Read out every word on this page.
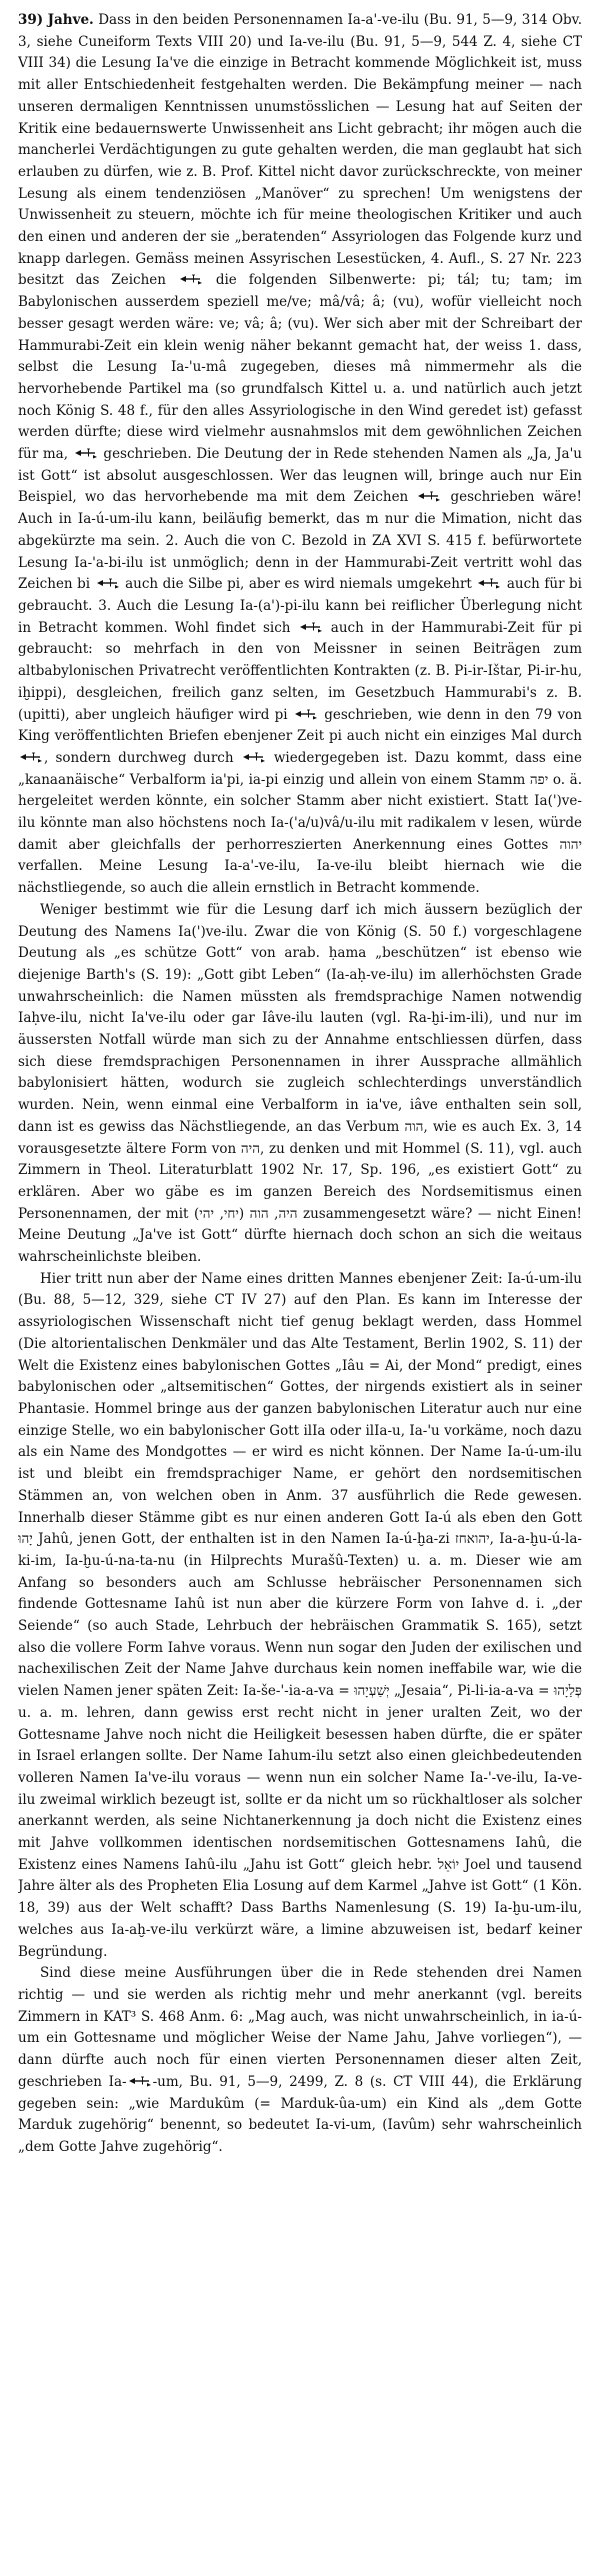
39) Jahve. Dass in den beiden Personennamen Ia-a'-ve-ilu (Bu. 91, 5—9, 314 Obv. 3, siehe Cuneiform Texts VIII 20) und Ia-ve-ilu (Bu. 91, 5—9, 544 Z. 4, siehe CT VIII 34) die Lesung Ia've die einzige in Betracht kommende Möglichkeit ist, muss mit aller Entschiedenheit festgehalten werden. Die Bekämpfung meiner — nach unseren dermaligen Kenntnissen unumstösslichen — Lesung hat auf Seiten der Kritik eine bedauernswerte Unwissenheit ans Licht gebracht; ihr mögen auch die mancherlei Verdächtigungen zu gute gehalten werden, die man geglaubt hat sich erlauben zu dürfen, wie z. B. Prof. Kittel nicht davor zurückschreckte, von meiner Lesung als einem tendenziösen „Manöver“ zu sprechen! Um wenigstens der Unwissenheit zu steuern, möchte ich für meine theologischen Kritiker und auch den einen und anderen der sie „beratenden“ Assyriologen das Folgende kurz und knapp darlegen. Gemäss meinen Assyrischen Lesestücken, 4. Aufl., S. 27 Nr. 223 besitzt das Zeichen
die folgenden Silbenwerte: pi; tál; tu; tam; im Babylonischen ausserdem speziell me/ve; mâ/vâ; â; (vu), wofür vielleicht noch besser gesagt werden wäre: ve; vâ; â; (vu). Wer sich aber mit der Schreibart der Hammurabi-Zeit ein klein wenig näher bekannt gemacht hat, der weiss 1. dass, selbst die Lesung Ia-'u-mâ zugegeben, dieses mâ nimmermehr als die hervorhebende Partikel ma (so grundfalsch Kittel u. a. und natürlich auch jetzt noch König S. 48 f., für den alles Assyriologische in den Wind geredet ist) gefasst werden dürfte; diese wird vielmehr ausnahmslos mit dem gewöhnlichen Zeichen für ma,
geschrieben. Die Deutung der in Rede stehenden Namen als „Ja, Ja'u ist Gott“ ist absolut ausgeschlossen. Wer das leugnen will, bringe auch nur Ein Beispiel, wo das hervorhebende ma mit dem Zeichen
geschrieben wäre! Auch in Ia-ú-um-ilu kann, beiläufig bemerkt, das m nur die Mimation, nicht das abgekürzte ma sein. 2. Auch die von C. Bezold in ZA XVI S. 415 f. befürwortete Lesung Ia-'a-bi-ilu ist unmöglich; denn in der Hammurabi-Zeit vertritt wohl das Zeichen bi
auch die Silbe pi, aber es wird niemals umgekehrt
auch für bi gebraucht. 3. Auch die Lesung Ia-(a')-pi-ilu kann bei reiflicher Überlegung nicht in Betracht kommen. Wohl findet sich
auch in der Hammurabi-Zeit für pi gebraucht: so mehrfach in den von Meissner in seinen Beiträgen zum altbabylonischen Privatrecht veröffentlichten Kontrakten (z. B. Pi-ir-Ištar, Pi-ir-hu, iḫippi), desgleichen, freilich ganz selten, im Gesetzbuch Hammurabi's z. B. (upitti), aber ungleich häufiger wird pi
geschrieben, wie denn in den 79 von King veröffentlichten Briefen ebenjener Zeit pi auch nicht ein einziges Mal durch
, sondern durchweg durch
wiedergegeben ist. Dazu kommt, dass eine „kanaanäische“ Verbalform ia'pi, ia-pi einzig und allein von einem Stamm יפה o. ä. hergeleitet werden könnte, ein solcher Stamm aber nicht existiert. Statt Ia(')ve-ilu könnte man also höchstens noch Ia-('a/u)vâ/u-ilu mit radikalem v lesen, würde damit aber gleichfalls der perhorreszierten Anerkennung eines Gottes יהוה verfallen. Meine Lesung Ia-a'-ve-ilu, Ia-ve-ilu bleibt hiernach wie die nächstliegende, so auch die allein ernstlich in Betracht kommende.

Weniger bestimmt wie für die Lesung darf ich mich äussern bezüglich der Deutung des Namens Ia(')ve-ilu. Zwar die von König (S. 50 f.) vorgeschlagene Deutung als „es schütze Gott“ von arab. ḥama „beschützen“ ist ebenso wie diejenige Barth's (S. 19): „Gott gibt Leben“ (Ia-aḥ-ve-ilu) im allerhöchsten Grade unwahrscheinlich: die Namen müssten als fremdsprachige Namen notwendig Iaḥve-ilu, nicht Ia've-ilu oder gar Iâve-ilu lauten (vgl. Ra-ḫi-im-ili), und nur im äussersten Notfall würde man sich zu der Annahme entschliessen dürfen, dass sich diese fremdsprachigen Personennamen in ihrer Aussprache allmählich babylonisiert hätten, wodurch sie zugleich schlechterdings unverständlich wurden. Nein, wenn einmal eine Verbalform in ia've, iâve enthalten sein soll, dann ist es gewiss das Nächstliegende, an das Verbum הוה, wie es auch Ex. 3, 14 vorausgesetzte ältere Form von היה, zu denken und mit Hommel (S. 11), vgl. auch Zimmern in Theol. Literaturblatt 1902 Nr. 17, Sp. 196, „es existiert Gott“ zu erklären. Aber wo gäbe es im ganzen Bereich des Nordsemitismus einen Personennamen, der mit היה, הוה (יחי, יהי) zusammengesetzt wäre? — nicht Einen! Meine Deutung „Ja've ist Gott“ dürfte hiernach doch schon an sich die weitaus wahrscheinlichste bleiben.

Hier tritt nun aber der Name eines dritten Mannes ebenjener Zeit: Ia-ú-um-ilu (Bu. 88, 5—12, 329, siehe CT IV 27) auf den Plan. Es kann im Interesse der assyriologischen Wissenschaft nicht tief genug beklagt werden, dass Hommel (Die altorientalischen Denkmäler und das Alte Testament, Berlin 1902, S. 11) der Welt die Existenz eines babylonischen Gottes „Iâu = Ai, der Mond“ predigt, eines babylonischen oder „altsemitischen“ Gottes, der nirgends existiert als in seiner Phantasie. Hommel bringe aus der ganzen babylonischen Literatur auch nur eine einzige Stelle, wo ein babylonischer Gott ilIa oder ilIa-u, Ia-'u vorkäme, noch dazu als ein Name des Mondgottes — er wird es nicht können. Der Name Ia-ú-um-ilu ist und bleibt ein fremdsprachiger Name, er gehört den nordsemitischen Stämmen an, von welchen oben in Anm. 37 ausführlich die Rede gewesen. Innerhalb dieser Stämme gibt es nur einen anderen Gott Ia-ú als eben den Gott יָהוּ Jahû, jenen Gott, der enthalten ist in den Namen Ia-ú-ḫa-zi יהואחז, Ia-a-ḫu-ú-la-ki-im, Ia-ḫu-ú-na-ta-nu (in Hilprechts Murašû-Texten) u. a. m. Dieser wie am Anfang so besonders auch am Schlusse hebräischer Personennamen sich findende Gottesname Iahû ist nun aber die kürzere Form von Iahve d. i. „der Seiende“ (so auch Stade, Lehrbuch der hebräischen Grammatik S. 165), setzt also die vollere Form Iahve voraus. Wenn nun sogar den Juden der exilischen und nachexilischen Zeit der Name Jahve durchaus kein nomen ineffabile war, wie die vielen Namen jener späten Zeit: Ia-še-'-ia-a-va = יְשַׁעְיָהוּ „Jesaia“, Pi-li-ia-a-va = פְּלַיָהוּ u. a. m. lehren, dann gewiss erst recht nicht in jener uralten Zeit, wo der Gottesname Jahve noch nicht die Heiligkeit besessen haben dürfte, die er später in Israel erlangen sollte. Der Name Iahum-ilu setzt also einen gleichbedeutenden volleren Namen Ia've-ilu voraus — wenn nun ein solcher Name Ia-'-ve-ilu, Ia-ve-ilu zweimal wirklich bezeugt ist, sollte er da nicht um so rückhaltloser als solcher anerkannt werden, als seine Nichtanerkennung ja doch nicht die Existenz eines mit Jahve vollkommen identischen nordsemitischen Gottesnamens Iahû, die Existenz eines Namens Iahû-ilu „Jahu ist Gott“ gleich hebr. יוֹאֵל Joel und tausend Jahre älter als des Propheten Elia Losung auf dem Karmel „Jahve ist Gott“ (1 Kön. 18, 39) aus der Welt schafft? Dass Barths Namenlesung (S. 19) Ia-ḫu-um-ilu, welches aus Ia-aḫ-ve-ilu verkürzt wäre, a limine abzuweisen ist, bedarf keiner Begründung.

Sind diese meine Ausführungen über die in Rede stehenden drei Namen richtig — und sie werden als richtig mehr und mehr anerkannt (vgl. bereits Zimmern in KAT³ S. 468 Anm. 6: „Mag auch, was nicht unwahrscheinlich, in ia-ú-um ein Gottesname und möglicher Weise der Name Jahu, Jahve vorliegen“), — dann dürfte auch noch für einen vierten Personennamen dieser alten Zeit, geschrieben Ia- -um, Bu. 91, 5—9, 2499, Z. 8 (s. CT VIII 44), die Erklärung gegeben sein: „wie Mardukûm (= Marduk-ûa-um) ein Kind als „dem Gotte Marduk zugehörig“ benennt, so bedeutet Ia-vi-um, (Iavûm) sehr wahrscheinlich „dem Gotte Jahve zugehörig“.
